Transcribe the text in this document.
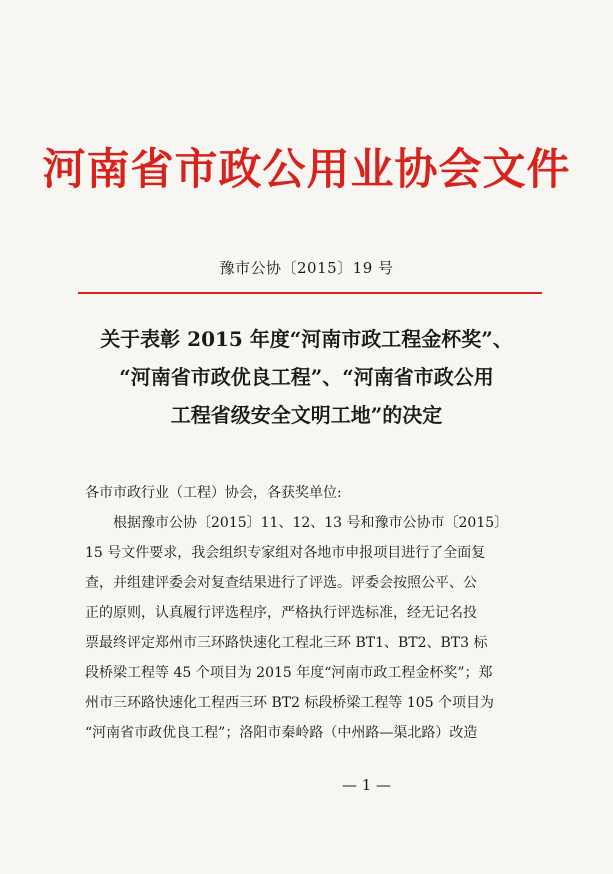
河南省市政公用业协会文件
豫市公协〔2015〕19 号
关于表彰 2015 年度“河南市政工程金杯奖”、
“河南省市政优良工程”、“河南省市政公用
工程省级安全文明工地”的决定
各市市政行业（工程）协会，各获奖单位:
根据豫市公协〔2015〕11、12、13 号和豫市公协市〔2015〕
15 号文件要求，我会组织专家组对各地市申报项目进行了全面复
查，并组建评委会对复查结果进行了评选。评委会按照公平、公
正的原则，认真履行评选程序，严格执行评选标准，经无记名投
票最终评定郑州市三环路快速化工程北三环 BT1、BT2、BT3 标
段桥梁工程等 45 个项目为 2015 年度“河南市政工程金杯奖”；郑
州市三环路快速化工程西三环 BT2 标段桥梁工程等 105 个项目为
“河南省市政优良工程”；洛阳市秦岭路（中州路—渠北路）改造
— 1 —
